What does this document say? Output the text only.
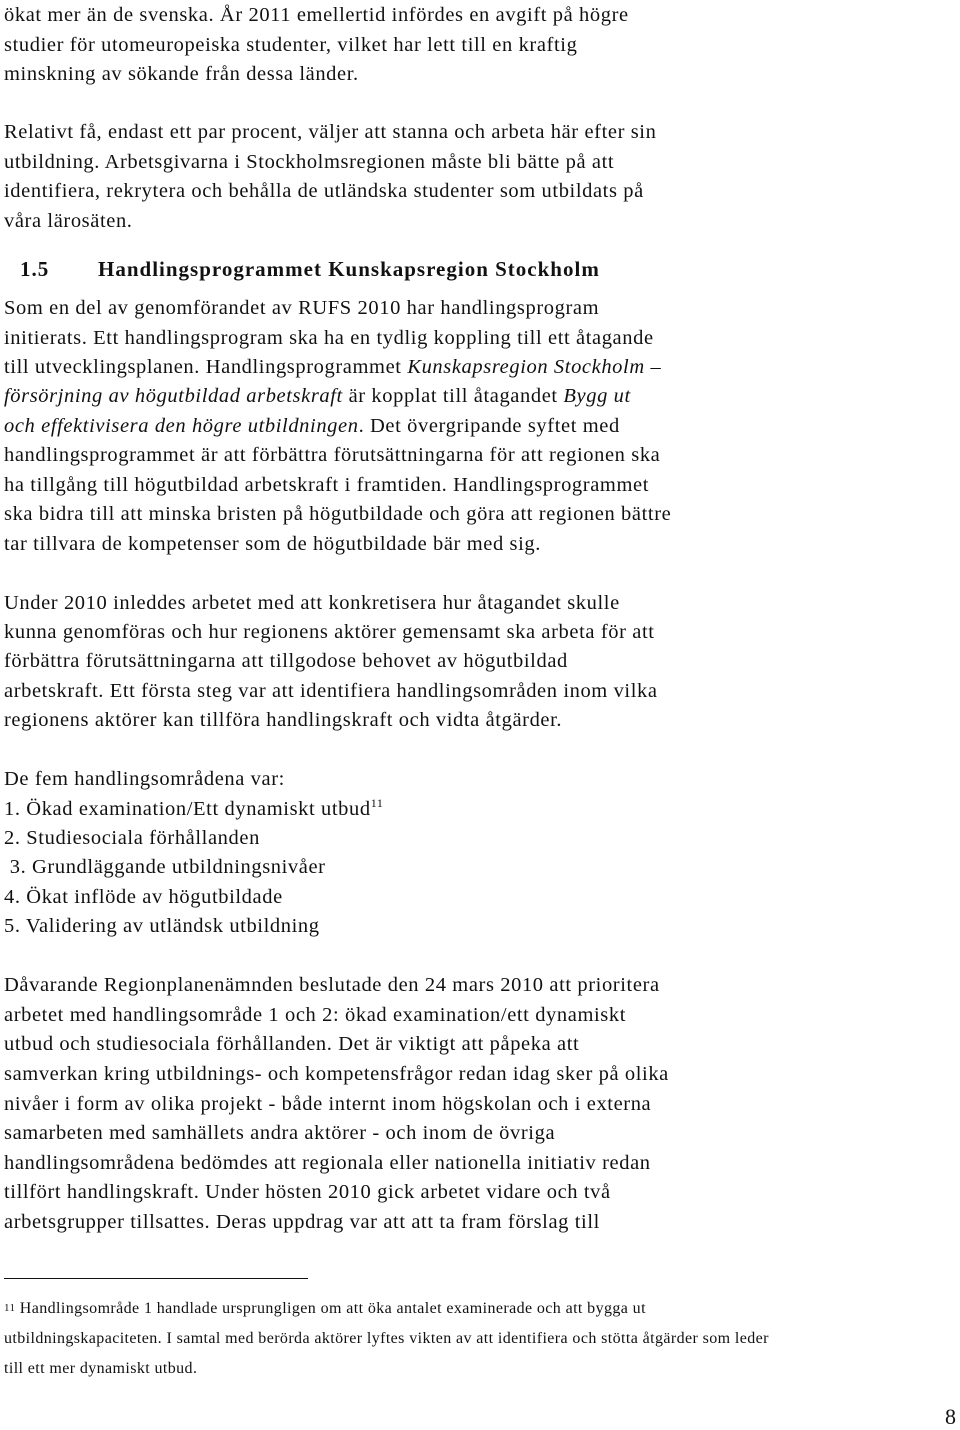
ökat mer än de svenska. År 2011 emellertid infördes en avgift på högre
studier för utomeuropeiska studenter, vilket har lett till en kraftig
minskning av sökande från dessa länder.
Relativt få, endast ett par procent, väljer att stanna och arbeta här efter sin
utbildning. Arbetsgivarna i Stockholmsregionen måste bli bätte på att
identifiera, rekrytera och behålla de utländska studenter som utbildats på
våra lärosäten.
1.5 Handlingsprogrammet Kunskapsregion Stockholm
Som en del av genomförandet av RUFS 2010 har handlingsprogram
initierats. Ett handlingsprogram ska ha en tydlig koppling till ett åtagande
till utvecklingsplanen. Handlingsprogrammet Kunskapsregion Stockholm –
försörjning av högutbildad arbetskraft är kopplat till åtagandet Bygg ut
och effektivisera den högre utbildningen. Det övergripande syftet med
handlingsprogrammet är att förbättra förutsättningarna för att regionen ska
ha tillgång till högutbildad arbetskraft i framtiden. Handlingsprogrammet
ska bidra till att minska bristen på högutbildade och göra att regionen bättre
tar tillvara de kompetenser som de högutbildade bär med sig.
Under 2010 inleddes arbetet med att konkretisera hur åtagandet skulle
kunna genomföras och hur regionens aktörer gemensamt ska arbeta för att
förbättra förutsättningarna att tillgodose behovet av högutbildad
arbetskraft. Ett första steg var att identifiera handlingsområden inom vilka
regionens aktörer kan tillföra handlingskraft och vidta åtgärder.
De fem handlingsområdena var:
1. Ökad examination/Ett dynamiskt utbud$^{11}$
2. Studiesociala förhållanden
3. Grundläggande utbildningsnivåer
4. Ökat inflöde av högutbildade
5. Validering av utländsk utbildning
Dåvarande Regionplanenämnden beslutade den 24 mars 2010 att prioritera
arbetet med handlingsområde 1 och 2: ökad examination/ett dynamiskt
utbud och studiesociala förhållanden. Det är viktigt att påpeka att
samverkan kring utbildnings- och kompetensfrågor redan idag sker på olika
nivåer i form av olika projekt - både internt inom högskolan och i externa
samarbeten med samhällets andra aktörer - och inom de övriga
handlingsområdena bedömdes att regionala eller nationella initiativ redan
tillfört handlingskraft. Under hösten 2010 gick arbetet vidare och två
arbetsgrupper tillsattes. Deras uppdrag var att att ta fram förslag till
$^{11}$ Handlingsområde 1 handlade ursprungligen om att öka antalet examinerade och att bygga ut
utbildningskapaciteten. I samtal med berörda aktörer lyftes vikten av att identifiera och stötta åtgärder som leder
till ett mer dynamiskt utbud.
8
